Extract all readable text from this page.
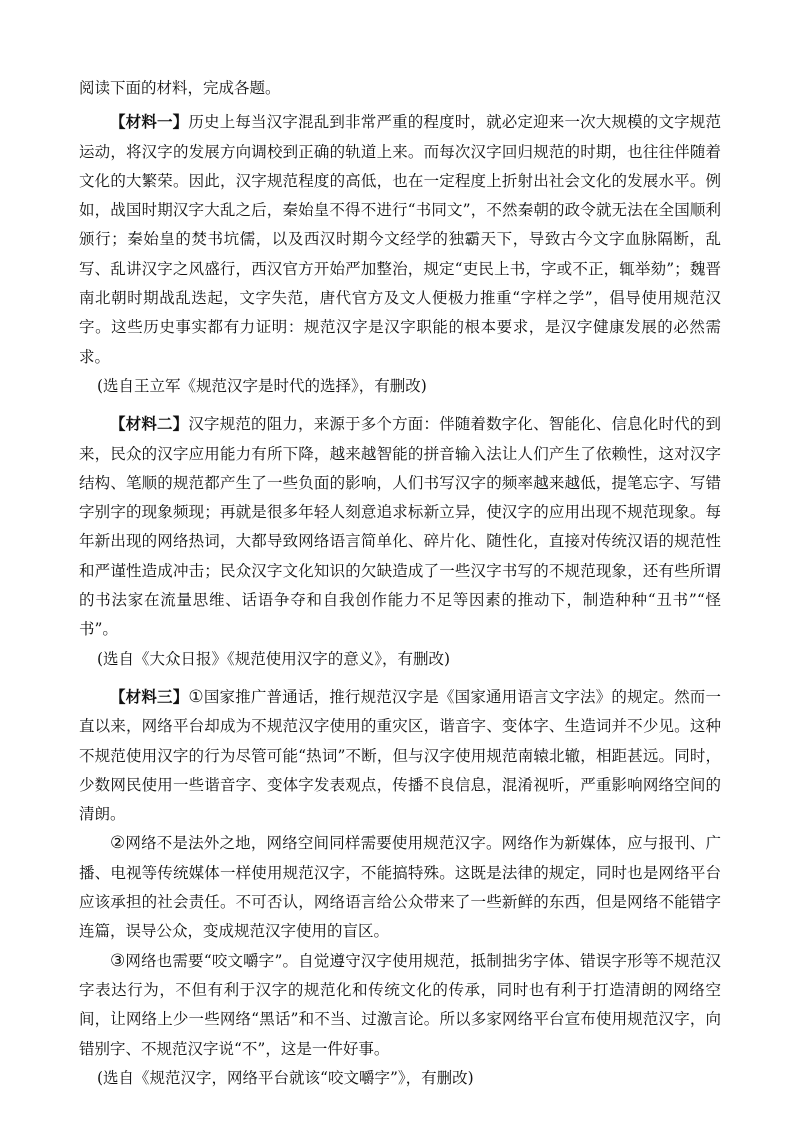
阅读下面的材料，完成各题。

【材料一】历史上每当汉字混乱到非常严重的程度时，就必定迎来一次大规模的文字规范运动，将汉字的发展方向调校到正确的轨道上来。而每次汉字回归规范的时期，也往往伴随着文化的大繁荣。因此，汉字规范程度的高低，也在一定程度上折射出社会文化的发展水平。例如，战国时期汉字大乱之后，秦始皇不得不进行“书同文”，不然秦朝的政令就无法在全国顺利颁行；秦始皇的焚书坑儒，以及西汉时期今文经学的独霸天下，导致古今文字血脉隔断，乱写、乱讲汉字之风盛行，西汉官方开始严加整治，规定“吏民上书，字或不正，辄举劾”；魏晋南北朝时期战乱迭起，文字失范，唐代官方及文人便极力推重“字样之学”，倡导使用规范汉字。这些历史事实都有力证明：规范汉字是汉字职能的根本要求，是汉字健康发展的必然需求。

(选自王立军《规范汉字是时代的选择》，有删改)

【材料二】汉字规范的阻力，来源于多个方面：伴随着数字化、智能化、信息化时代的到来，民众的汉字应用能力有所下降，越来越智能的拼音输入法让人们产生了依赖性，这对汉字结构、笔顺的规范都产生了一些负面的影响，人们书写汉字的频率越来越低，提笔忘字、写错字别字的现象频现；再就是很多年轻人刻意追求标新立异，使汉字的应用出现不规范现象。每年新出现的网络热词，大都导致网络语言简单化、碎片化、随性化，直接对传统汉语的规范性和严谨性造成冲击；民众汉字文化知识的欠缺造成了一些汉字书写的不规范现象，还有些所谓的书法家在流量思维、话语争夺和自我创作能力不足等因素的推动下，制造种种“丑书”“怪书”。

(选自《大众日报》《规范使用汉字的意义》，有删改)

【材料三】①国家推广普通话，推行规范汉字是《国家通用语言文字法》的规定。然而一直以来，网络平台却成为不规范汉字使用的重灾区，谐音字、变体字、生造词并不少见。这种不规范使用汉字的行为尽管可能“热词”不断，但与汉字使用规范南辕北辙，相距甚远。同时，少数网民使用一些谐音字、变体字发表观点，传播不良信息，混淆视听，严重影响网络空间的清朗。

②网络不是法外之地，网络空间同样需要使用规范汉字。网络作为新媒体，应与报刊、广播、电视等传统媒体一样使用规范汉字，不能搞特殊。这既是法律的规定，同时也是网络平台应该承担的社会责任。不可否认，网络语言给公众带来了一些新鲜的东西，但是网络不能错字连篇，误导公众，变成规范汉字使用的盲区。

③网络也需要“咬文嚼字”。自觉遵守汉字使用规范，抵制拙劣字体、错误字形等不规范汉字表达行为，不但有利于汉字的规范化和传统文化的传承，同时也有利于打造清朗的网络空间，让网络上少一些网络“黑话”和不当、过激言论。所以多家网络平台宣布使用规范汉字，向错别字、不规范汉字说“不”，这是一件好事。

(选自《规范汉字，网络平台就该“咬文嚼字”》，有删改)
